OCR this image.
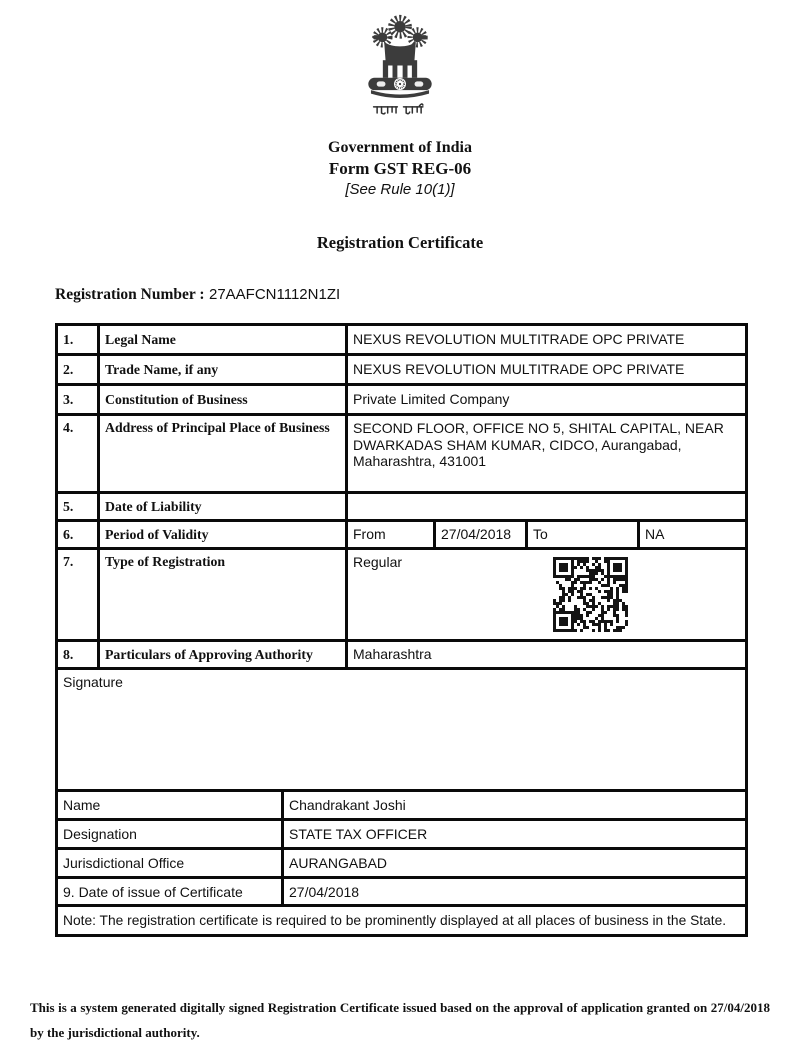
Government of India
Form GST REG-06
[See Rule 10(1)]
Registration Certificate
Registration Number : 27AAFCN1112N1ZI
1.	Legal Name	NEXUS REVOLUTION MULTITRADE OPC PRIVATE			
2.	Trade Name, if any	NEXUS REVOLUTION MULTITRADE OPC PRIVATE			
3.	Constitution of Business	Private Limited Company			
4.	Address of Principal Place of Business	SECOND FLOOR, OFFICE NO 5, SHITAL CAPITAL, NEAR DWARKADAS SHAM KUMAR, CIDCO, Aurangabad, Maharashtra, 431001			
5.	Date of Liability				
6.	Period of Validity	From	27/04/2018	To	NA
7.	Type of Registration	Regular			

8.	Particulars of Approving Authority	Maharashtra			
Signature	
Name	Chandrakant Joshi
Designation	STATE TAX OFFICER
Jurisdictional Office	AURANGABAD
9. Date of issue of Certificate	27/04/2018
Note: The registration certificate is required to be prominently displayed at all places of business in the State.	
This is a system generated digitally signed Registration Certificate issued based on the approval of application granted on 27/04/2018 by the jurisdictional authority.
